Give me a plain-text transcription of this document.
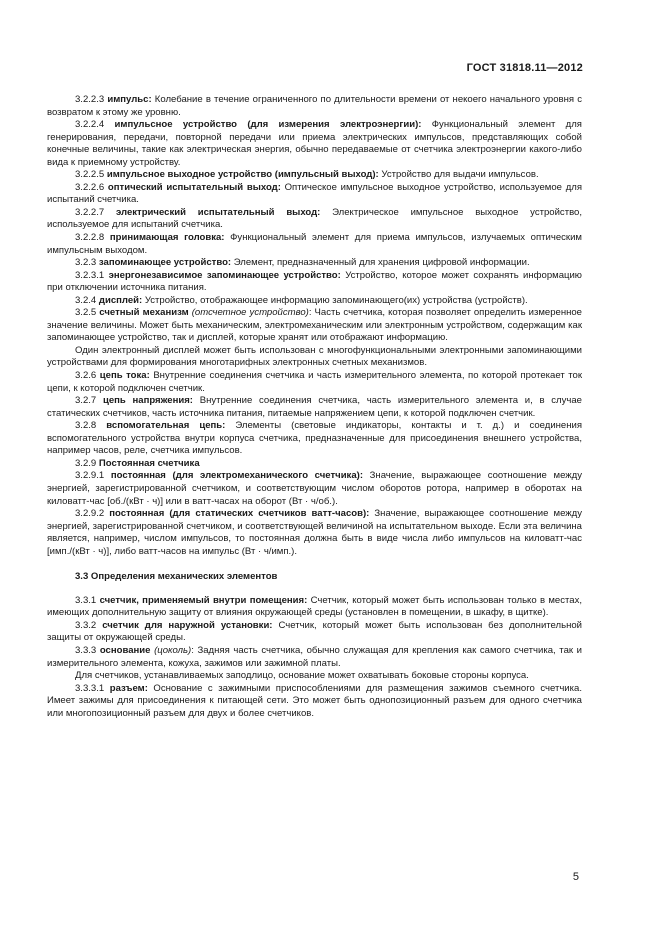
ГОСТ 31818.11—2012

3.2.2.3 импульс: Колебание в течение ограниченного по длительности времени от некоего начального уровня с возвратом к этому же уровню.

3.2.2.4 импульсное устройство (для измерения электроэнергии): Функциональный элемент для генерирования, передачи, повторной передачи или приема электрических импульсов, представляющих собой конечные величины, такие как электрическая энергия, обычно передаваемые от счетчика электроэнергии какого-либо вида к приемному устройству.

3.2.2.5 импульсное выходное устройство (импульсный выход): Устройство для выдачи импульсов.

3.2.2.6 оптический испытательный выход: Оптическое импульсное выходное устройство, используемое для испытаний счетчика.

3.2.2.7 электрический испытательный выход: Электрическое импульсное выходное устройство, используемое для испытаний счетчика.

3.2.2.8 принимающая головка: Функциональный элемент для приема импульсов, излучаемых оптическим импульсным выходом.

3.2.3 запоминающее устройство: Элемент, предназначенный для хранения цифровой информации.

3.2.3.1 энергонезависимое запоминающее устройство: Устройство, которое может сохранять информацию при отключении источника питания.

3.2.4 дисплей: Устройство, отображающее информацию запоминающего(их) устройства (устройств).

3.2.5 счетный механизм (отсчетное устройство): Часть счетчика, которая позволяет определить измеренное значение величины. Может быть механическим, электромеханическим или электронным устройством, содержащим как запоминающее устройство, так и дисплей, которые хранят или отображают информацию.

Один электронный дисплей может быть использован с многофункциональными электронными запоминающими устройствами для формирования многотарифных электронных счетных механизмов.

3.2.6 цепь тока: Внутренние соединения счетчика и часть измерительного элемента, по которой протекает ток цепи, к которой подключен счетчик.

3.2.7 цепь напряжения: Внутренние соединения счетчика, часть измерительного элемента и, в случае статических счетчиков, часть источника питания, питаемые напряжением цепи, к которой подключен счетчик.

3.2.8 вспомогательная цепь: Элементы (световые индикаторы, контакты и т. д.) и соединения вспомогательного устройства внутри корпуса счетчика, предназначенные для присоединения внешнего устройства, например часов, реле, счетчика импульсов.

3.2.9 Постоянная счетчика

3.2.9.1 постоянная (для электромеханического счетчика): Значение, выражающее соотношение между энергией, зарегистрированной счетчиком, и соответствующим числом оборотов ротора, например в оборотах на киловатт-час [об./(кВт · ч)] или в ватт-часах на оборот (Вт · ч/об.).

3.2.9.2 постоянная (для статических счетчиков ватт-часов): Значение, выражающее соотношение между энергией, зарегистрированной счетчиком, и соответствующей величиной на испытательном выходе. Если эта величина является, например, числом импульсов, то постоянная должна быть в виде числа либо импульсов на киловатт-час [имп./(кВт · ч)], либо ватт-часов на импульс (Вт · ч/имп.).

3.3 Определения механических элементов

3.3.1 счетчик, применяемый внутри помещения: Счетчик, который может быть использован только в местах, имеющих дополнительную защиту от влияния окружающей среды (установлен в помещении, в шкафу, в щитке).

3.3.2 счетчик для наружной установки: Счетчик, который может быть использован без дополнительной защиты от окружающей среды.

3.3.3 основание (цоколь): Задняя часть счетчика, обычно служащая для крепления как самого счетчика, так и измерительного элемента, кожуха, зажимов или зажимной платы.

Для счетчиков, устанавливаемых заподлицо, основание может охватывать боковые стороны корпуса.

3.3.3.1 разъем: Основание с зажимными приспособлениями для размещения зажимов съемного счетчика. Имеет зажимы для присоединения к питающей сети. Это может быть однопозиционный разъем для одного счетчика или многопозиционный разъем для двух и более счетчиков.

5
